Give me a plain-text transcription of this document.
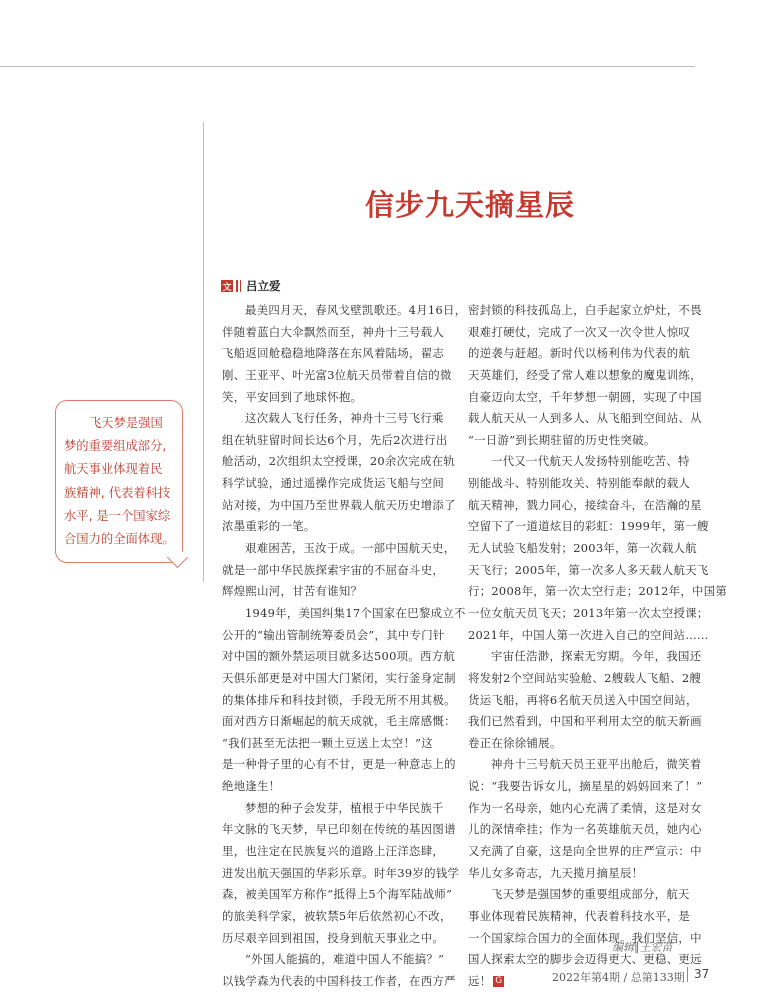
信步九天摘星辰
文 吕立爱
飞天梦是强国
梦的重要组成部分,
航天事业体现着民
族精神, 代表着科技
水平, 是一个国家综
合国力的全面体现。
最美四月天，春风戈壁凯歌还。4月16日，
伴随着蓝白大伞飘然而至，神舟十三号载人
飞船返回舱稳稳地降落在东风着陆场，翟志
刚、王亚平、叶光富3位航天员带着自信的微
笑，平安回到了地球怀抱。
这次载人飞行任务，神舟十三号飞行乘
组在轨驻留时间长达6个月，先后2次进行出
舱活动，2次组织太空授课，20余次完成在轨
科学试验，通过遥操作完成货运飞船与空间
站对接，为中国乃至世界载人航天历史增添了
浓墨重彩的一笔。
艰难困苦，玉汝于成。一部中国航天史，
就是一部中华民族探索宇宙的不屈奋斗史，
辉煌熙山河，甘苦有谁知？
1949年，美国纠集17个国家在巴黎成立不
公开的“输出管制统筹委员会”，其中专门针
对中国的额外禁运项目就多达500项。西方航
天俱乐部更是对中国大门紧闭，实行釜身定制
的集体排斥和科技封锁，手段无所不用其极。
面对西方日渐崛起的航天成就，毛主席感慨：
“我们甚至无法把一颗土豆送上太空！”这
是一种骨子里的心有不甘，更是一种意志上的
绝地逢生！
梦想的种子会发芽，植根于中华民族千
年文脉的飞天梦，早已印刻在传统的基因图谱
里，也注定在民族复兴的道路上汪洋恣肆，
迸发出航天强国的华彩乐章。时年39岁的钱学
森，被美国军方称作“抵得上5个海军陆战师”
的旅美科学家，被软禁5年后依然初心不改，
历尽艰辛回到祖国，投身到航天事业之中。
“外国人能搞的，难道中国人不能搞？”
以钱学森为代表的中国科技工作者，在西方严
密封锁的科技孤岛上，白手起家立炉灶，不畏
艰难打硬仗，完成了一次又一次令世人惊叹
的逆袭与赶超。新时代以杨利伟为代表的航
天英雄们，经受了常人难以想象的魔鬼训练，
自豪迈向太空，千年梦想一朝圆，实现了中国
载人航天从一人到多人、从飞船到空间站、从
“一日游”到长期驻留的历史性突破。
一代又一代航天人发扬特别能吃苦、特
别能战斗、特别能攻关、特别能奉献的载人
航天精神，戮力同心，接续奋斗，在浩瀚的星
空留下了一道道炫目的彩虹：1999年，第一艘
无人试验飞船发射；2003年，第一次载人航
天飞行；2005年，第一次多人多天载人航天飞
行；2008年，第一次太空行走；2012年，中国第
一位女航天员飞天；2013年第一次太空授课；
2021年，中国人第一次进入自己的空间站……
宇宙任浩渺，探索无穷期。今年，我国还
将发射2个空间站实验舱、2艘载人飞船、2艘
货运飞船，再将6名航天员送入中国空间站，
我们已然看到，中国和平利用太空的航天新画
卷正在徐徐铺展。
神舟十三号航天员王亚平出舱后，微笑着
说：“我要告诉女儿，摘星星的妈妈回来了！”
作为一名母亲，她内心充满了柔情，这是对女
儿的深情牵挂；作为一名英雄航天员，她内心
又充满了自豪，这是向全世界的庄严宣示：中
华儿女多奇志，九天揽月摘星辰！
飞天梦是强国梦的重要组成部分，航天
事业体现着民族精神，代表着科技水平，是
一个国家综合国力的全面体现。我们坚信，中
国人探索太空的脚步会迈得更大、更稳、更远
远！ G
编辑∥王宏苗
2022年第4期 / 总第133期 37
